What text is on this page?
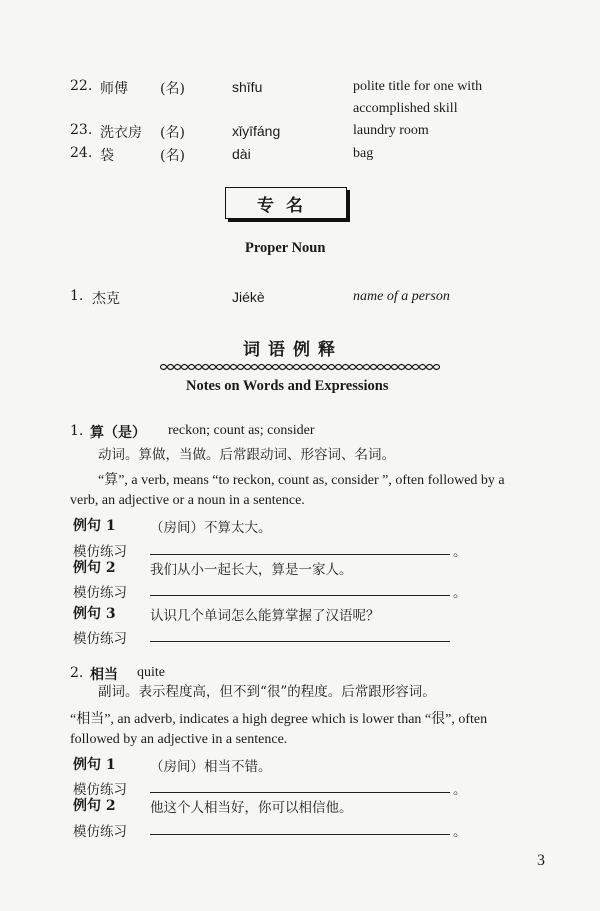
22. 师傅 (名)	shīfu	polite title for one with
accomplished skill
23. 洗衣房 (名)	xǐyīfáng	laundry room
24. 袋	(名)	dài	bag
专名
Proper Noun
1. 杰克	Jiékè	name of a person
词语例释
Notes on Words and Expressions
1. 算（是） reckon; count as; consider
动词。算做，当做。后常跟动词、形容词、名词。
“算”, a verb, means “to reckon, count as, consider ”, often followed by a
verb, an adjective or a noun in a sentence.
例句 1	（房间）不算太大。
模仿练习	。
例句 2	我们从小一起长大，算是一家人。
模仿练习	。
例句 3	认识几个单词怎么能算掌握了汉语呢？
模仿练习
2. 相当 quite
副词。表示程度高，但不到“很”的程度。后常跟形容词。
“相当”, an adverb, indicates a high degree which is lower than “很”, often
followed by an adjective in a sentence.
例句 1	（房间）相当不错。
模仿练习	。
例句 2	他这个人相当好，你可以相信他。
模仿练习	。
3
